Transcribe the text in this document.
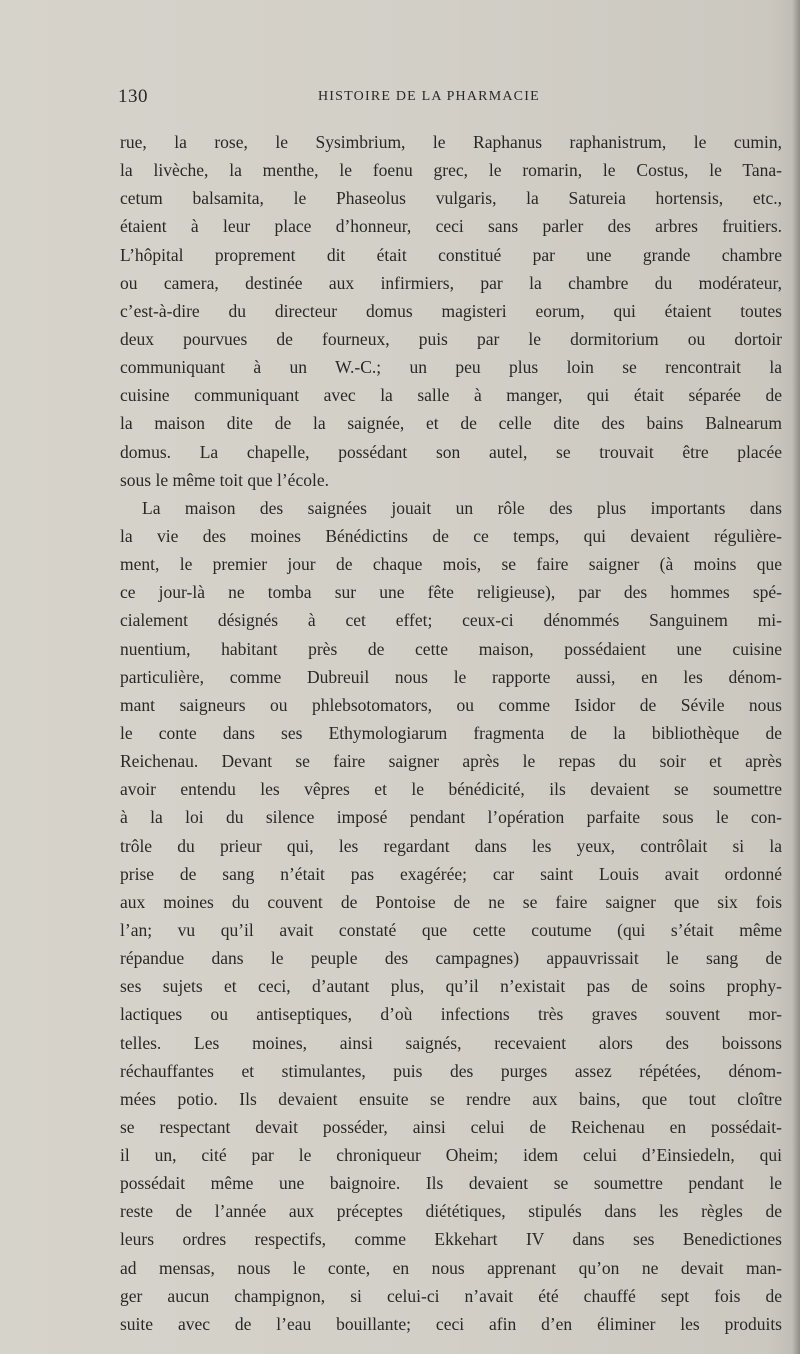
130	HISTOIRE DE LA PHARMACIE
rue, la rose, le Sysimbrium, le Raphanus raphanistrum, le cumin,
la livèche, la menthe, le foenu grec, le romarin, le Costus, le Tana-
cetum balsamita, le Phaseolus vulgaris, la Satureia hortensis, etc.,
étaient à leur place d’honneur, ceci sans parler des arbres fruitiers.
L’hôpital proprement dit était constitué par une grande chambre
ou camera, destinée aux infirmiers, par la chambre du modérateur,
c’est-à-dire du directeur domus magisteri eorum, qui étaient toutes
deux pourvues de fourneux, puis par le dormitorium ou dortoir
communiquant à un W.-C.; un peu plus loin se rencontrait la
cuisine communiquant avec la salle à manger, qui était séparée de
la maison dite de la saignée, et de celle dite des bains Balnearum
domus. La chapelle, possédant son autel, se trouvait être placée
sous le même toit que l’école.
La maison des saignées jouait un rôle des plus importants dans
la vie des moines Bénédictins de ce temps, qui devaient régulière-
ment, le premier jour de chaque mois, se faire saigner (à moins que
ce jour-là ne tomba sur une fête religieuse), par des hommes spé-
cialement désignés à cet effet; ceux-ci dénommés Sanguinem mi-
nuentium, habitant près de cette maison, possédaient une cuisine
particulière, comme Dubreuil nous le rapporte aussi, en les dénom-
mant saigneurs ou phlebsotomators, ou comme Isidor de Sévile nous
le conte dans ses Ethymologiarum fragmenta de la bibliothèque de
Reichenau. Devant se faire saigner après le repas du soir et après
avoir entendu les vêpres et le bénédicité, ils devaient se soumettre
à la loi du silence imposé pendant l’opération parfaite sous le con-
trôle du prieur qui, les regardant dans les yeux, contrôlait si la
prise de sang n’était pas exagérée; car saint Louis avait ordonné
aux moines du couvent de Pontoise de ne se faire saigner que six fois
l’an; vu qu’il avait constaté que cette coutume (qui s’était même
répandue dans le peuple des campagnes) appauvrissait le sang de
ses sujets et ceci, d’autant plus, qu’il n’existait pas de soins prophy-
lactiques ou antiseptiques, d’où infections très graves souvent mor-
telles. Les moines, ainsi saignés, recevaient alors des boissons
réchauffantes et stimulantes, puis des purges assez répétées, dénom-
mées potio. Ils devaient ensuite se rendre aux bains, que tout cloître
se respectant devait posséder, ainsi celui de Reichenau en possédait-
il un, cité par le chroniqueur Oheim; idem celui d’Einsiedeln, qui
possédait même une baignoire. Ils devaient se soumettre pendant le
reste de l’année aux préceptes diététiques, stipulés dans les règles de
leurs ordres respectifs, comme Ekkehart IV dans ses Benedictiones
ad mensas, nous le conte, en nous apprenant qu’on ne devait man-
ger aucun champignon, si celui-ci n’avait été chauffé sept fois de
suite avec de l’eau bouillante; ceci afin d’en éliminer les produits
